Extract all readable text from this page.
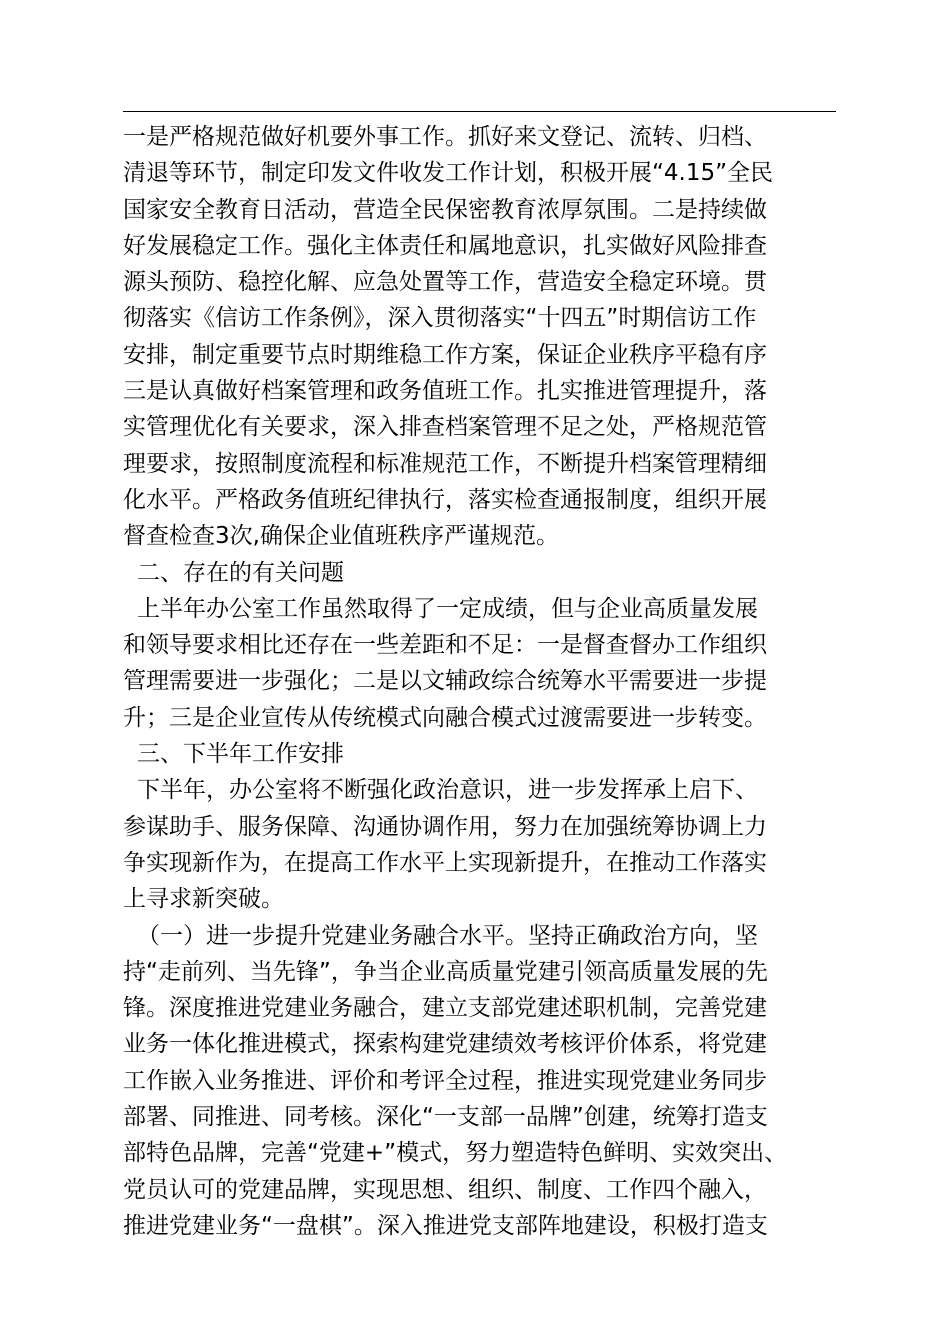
一是严格规范做好机要外事工作。抓好来文登记、流转、归档、
清退等环节，制定印发文件收发工作计划，积极开展“4.15”全民
国家安全教育日活动，营造全民保密教育浓厚氛围。二是持续做
好发展稳定工作。强化主体责任和属地意识，扎实做好风险排查
源头预防、稳控化解、应急处置等工作，营造安全稳定环境。贯
彻落实《信访工作条例》，深入贯彻落实“十四五”时期信访工作
安排，制定重要节点时期维稳工作方案，保证企业秩序平稳有序
三是认真做好档案管理和政务值班工作。扎实推进管理提升，落
实管理优化有关要求，深入排查档案管理不足之处，严格规范管
理要求，按照制度流程和标准规范工作，不断提升档案管理精细
化水平。严格政务值班纪律执行，落实检查通报制度，组织开展
督查检查3次,确保企业值班秩序严谨规范。
二、存在的有关问题
上半年办公室工作虽然取得了一定成绩，但与企业高质量发展
和领导要求相比还存在一些差距和不足：一是督查督办工作组织
管理需要进一步强化；二是以文辅政综合统筹水平需要进一步提
升；三是企业宣传从传统模式向融合模式过渡需要进一步转变。
三、下半年工作安排
下半年，办公室将不断强化政治意识，进一步发挥承上启下、
参谋助手、服务保障、沟通协调作用，努力在加强统筹协调上力
争实现新作为，在提高工作水平上实现新提升，在推动工作落实
上寻求新突破。
（一）进一步提升党建业务融合水平。坚持正确政治方向，坚
持“走前列、当先锋”，争当企业高质量党建引领高质量发展的先
锋。深度推进党建业务融合，建立支部党建述职机制，完善党建
业务一体化推进模式，探索构建党建绩效考核评价体系，将党建
工作嵌入业务推进、评价和考评全过程，推进实现党建业务同步
部署、同推进、同考核。深化“一支部一品牌”创建，统筹打造支
部特色品牌，完善“党建+”模式，努力塑造特色鲜明、实效突出、
党员认可的党建品牌，实现思想、组织、制度、工作四个融入，
推进党建业务“一盘棋”。深入推进党支部阵地建设，积极打造支
